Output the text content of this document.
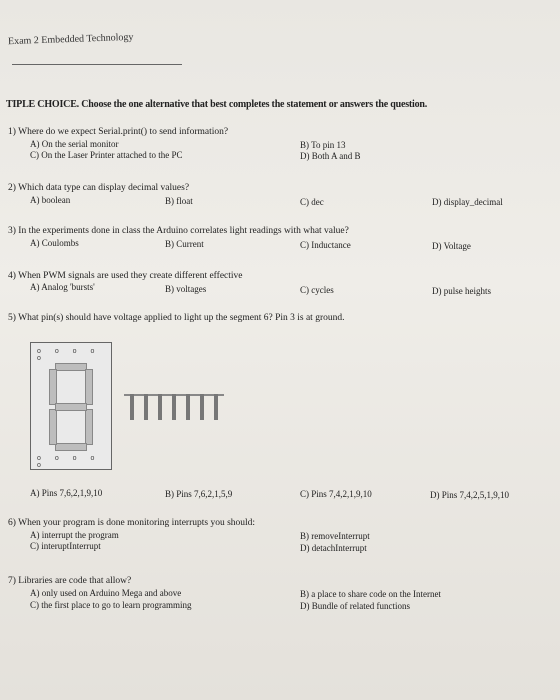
Exam 2 Embedded Technology
TIPLE CHOICE. Choose the one alternative that best completes the statement or answers the question.
1) Where do we expect Serial.print() to send information?
A) On the serial monitor	B) To pin 13
C) On the Laser Printer attached to the PC	D) Both A and B
2) Which data type can display decimal values?
A) boolean	B) float	C) dec	D) display_decimal
3) In the experiments done in class the Arduino correlates light readings with what value?
A) Coulombs	B) Current	C) Inductance	D) Voltage
4) When PWM signals are used they create different effective
A) Analog 'bursts'	B) voltages	C) cycles	D) pulse heights
5) What pin(s) should have voltage applied to light up the segment 6? Pin 3 is at ground.
o o o o o
o o o o o
A) Pins 7,6,2,1,9,10	B) Pins 7,6,2,1,5,9	C) Pins 7,4,2,1,9,10	D) Pins 7,4,2,5,1,9,10
6) When your program is done monitoring interrupts you should:
A) interrupt the program	B) removeInterrupt
C) interuptInterrupt	D) detachInterrupt
7) Libraries are code that allow?
A) only used on Arduino Mega and above	B) a place to share code on the Internet
C) the first place to go to learn programming	D) Bundle of related functions
